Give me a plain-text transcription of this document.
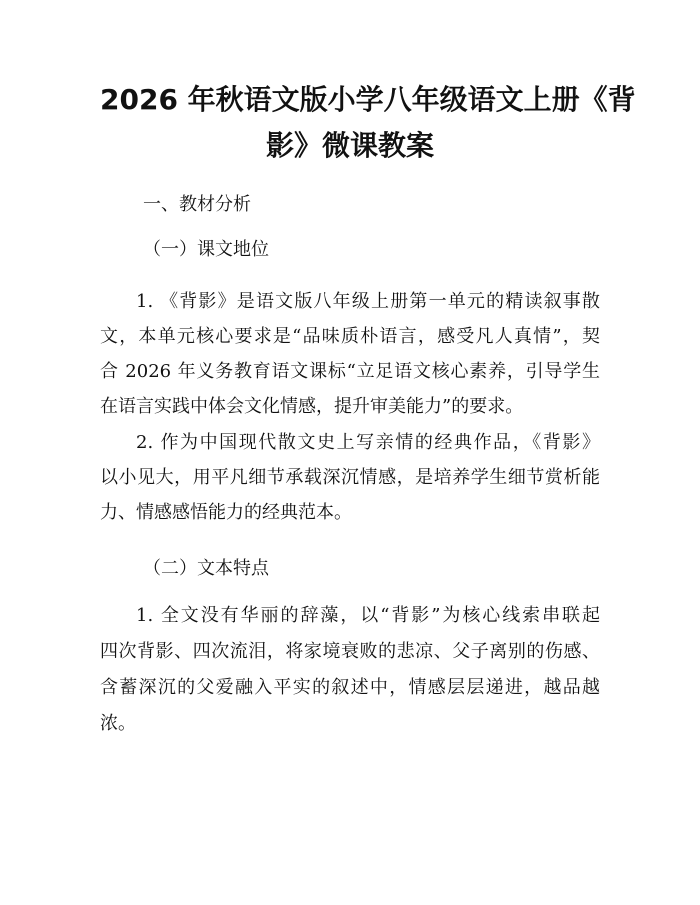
2026 年秋语文版小学八年级语文上册《背
影》微课教案
一、教材分析
（一）课文地位
1. 《背影》是语文版八年级上册第一单元的精读叙事散
文，本单元核心要求是“品味质朴语言，感受凡人真情”，契
合 2026 年义务教育语文课标“立足语文核心素养，引导学生
在语言实践中体会文化情感，提升审美能力”的要求。
2. 作为中国现代散文史上写亲情的经典作品，《背影》
以小见大，用平凡细节承载深沉情感，是培养学生细节赏析能
力、情感感悟能力的经典范本。
（二）文本特点
1. 全文没有华丽的辞藻，以“背影”为核心线索串联起
四次背影、四次流泪，将家境衰败的悲凉、父子离别的伤感、
含蓄深沉的父爱融入平实的叙述中，情感层层递进，越品越
浓。
